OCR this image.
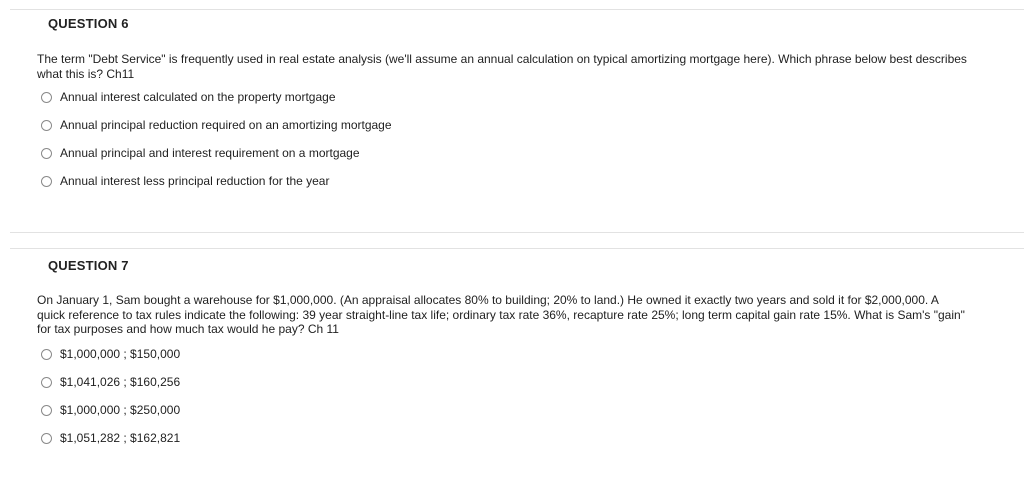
QUESTION 6
The term "Debt Service" is frequently used in real estate analysis (we'll assume an annual calculation on typical amortizing mortgage here). Which phrase below best describes what this is? Ch11
Annual interest calculated on the property mortgage
Annual principal reduction required on an amortizing mortgage
Annual principal and interest requirement on a mortgage
Annual interest less principal reduction for the year
QUESTION 7
On January 1, Sam bought a warehouse for $1,000,000. (An appraisal allocates 80% to building; 20% to land.) He owned it exactly two years and sold it for $2,000,000. A quick reference to tax rules indicate the following: 39 year straight-line tax life; ordinary tax rate 36%, recapture rate 25%; long term capital gain rate 15%. What is Sam's "gain" for tax purposes and how much tax would he pay? Ch 11
$1,000,000 ; $150,000
$1,041,026 ; $160,256
$1,000,000 ; $250,000
$1,051,282 ; $162,821
